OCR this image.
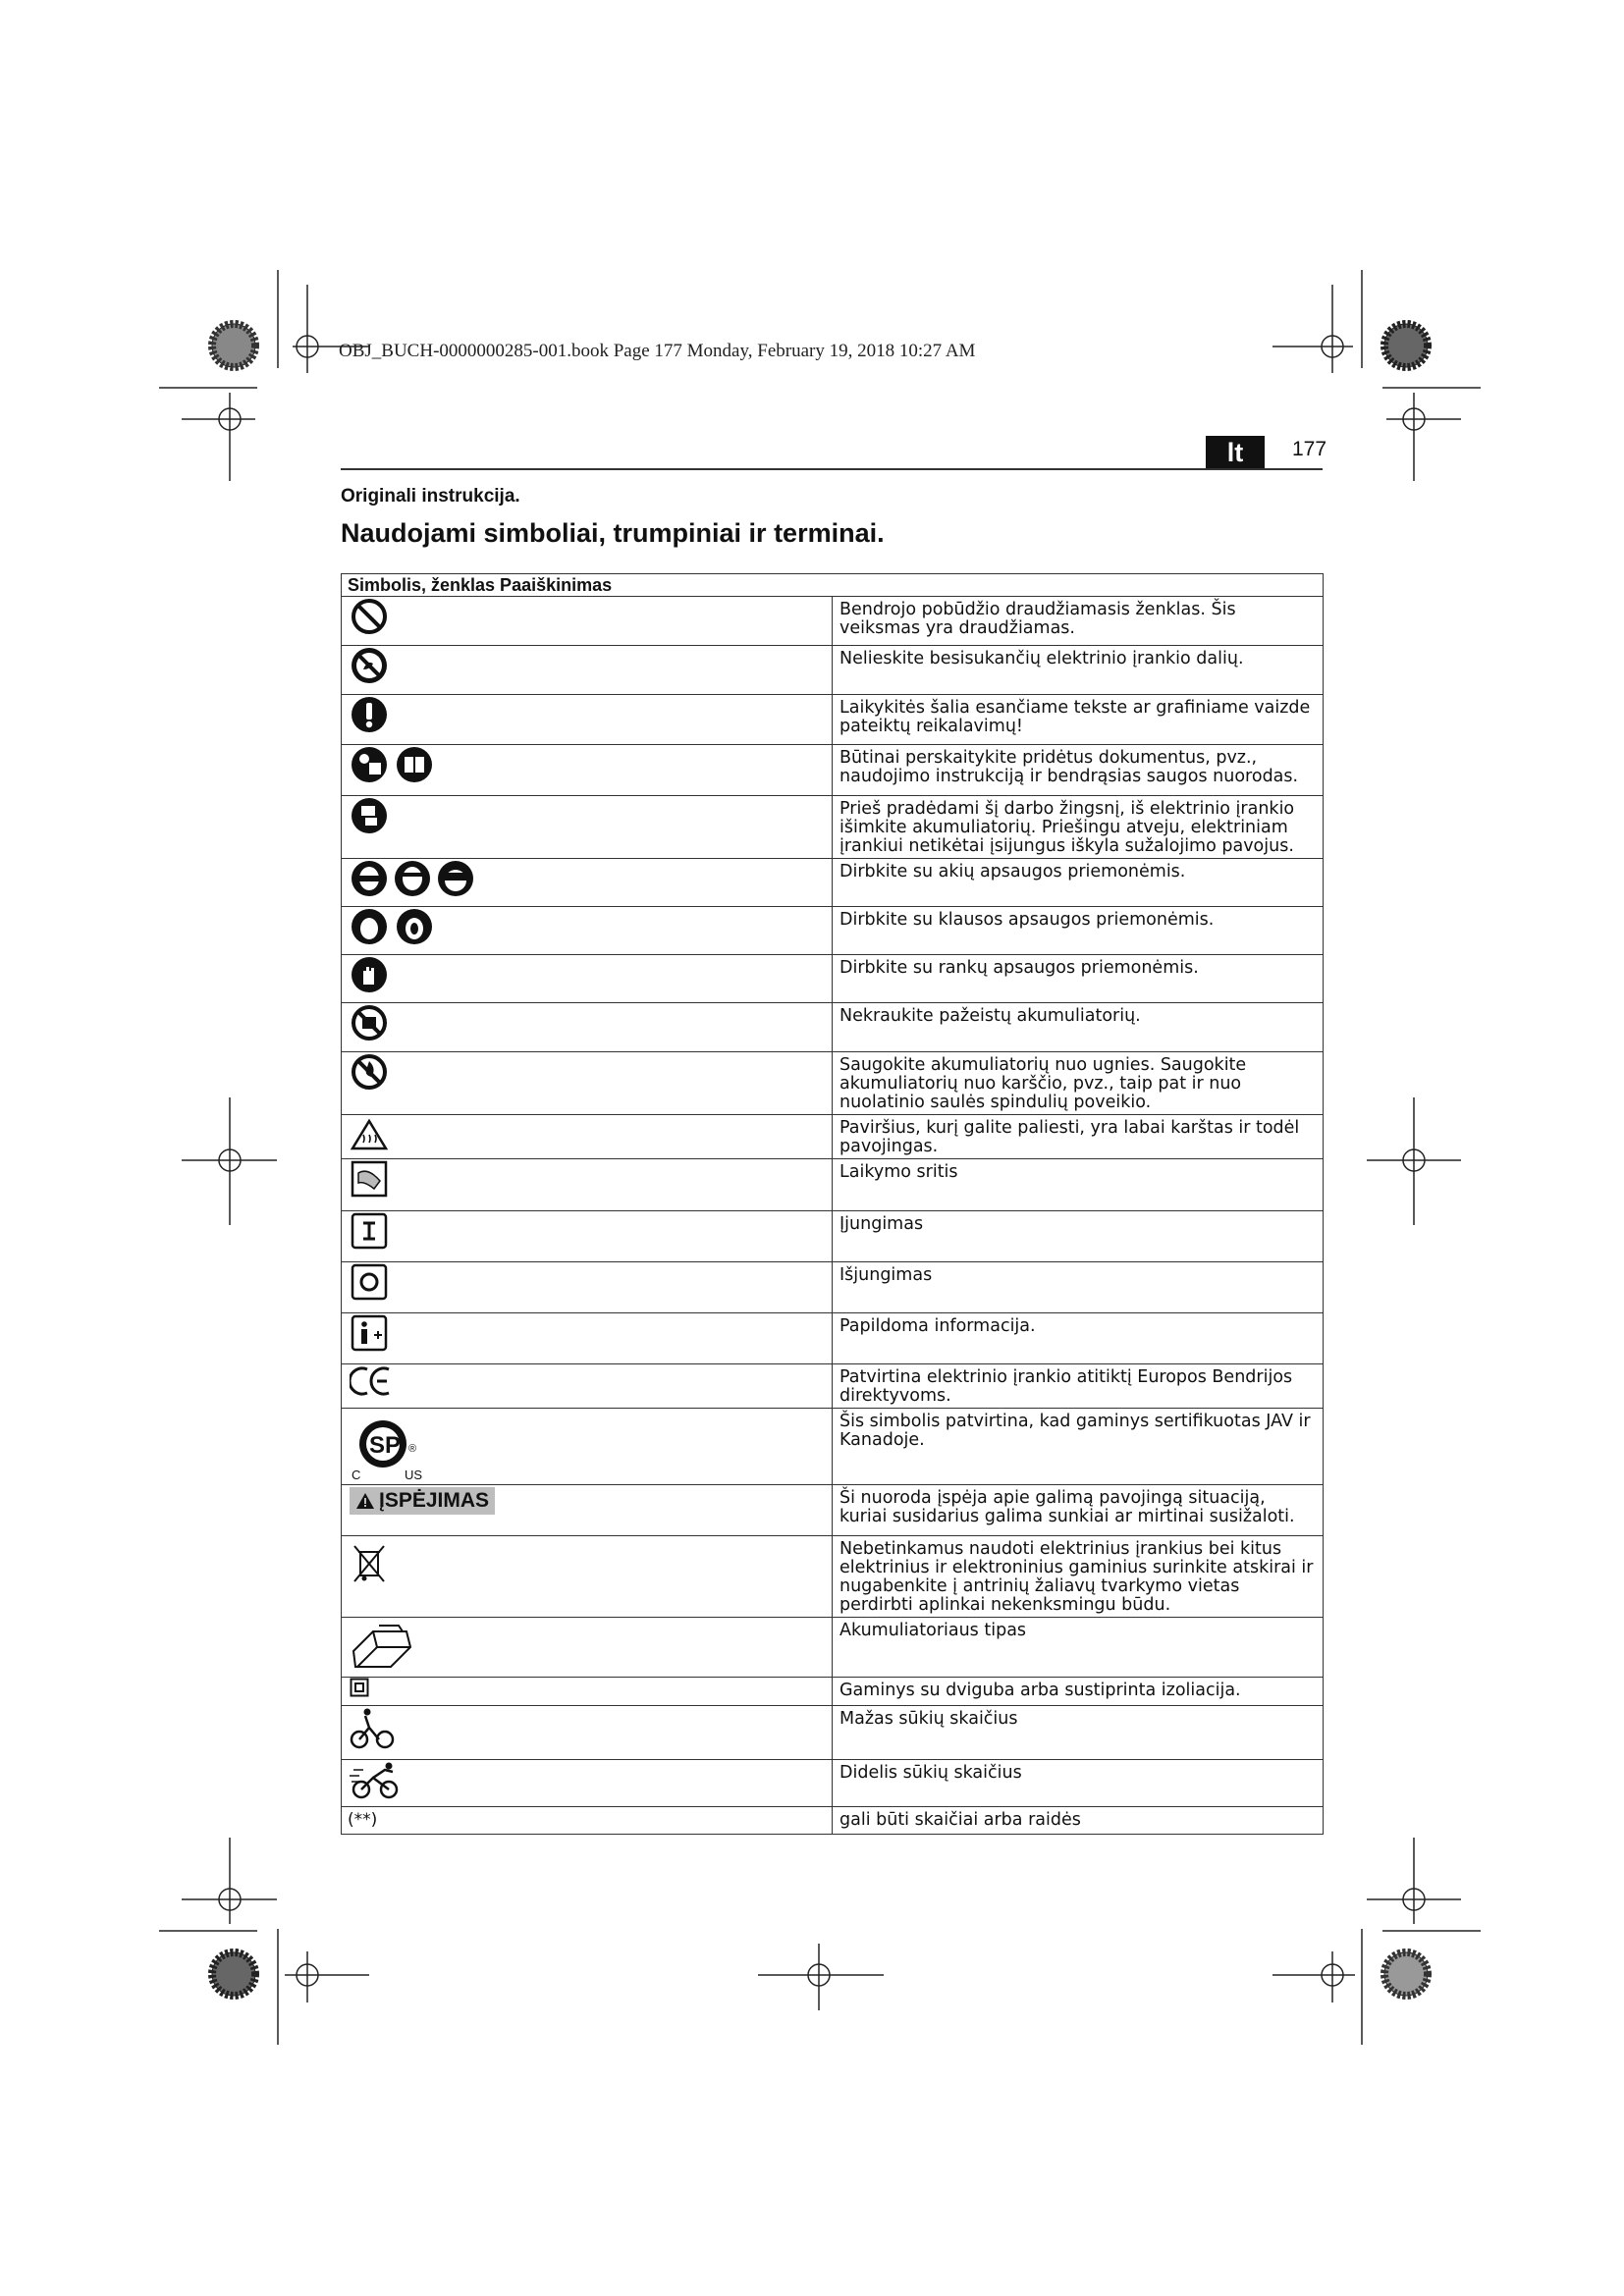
OBJ_BUCH-0000000285-001.book Page 177 Monday, February 19, 2018 10:27 AM
lt	177
Originali instrukcija.
Naudojami simboliai, trumpiniai ir terminai.
Simbolis, ženklas Paaiškinimas	

	Bendrojo pobūdžio draudžiamasis ženklas. Šis veiksmas yra draudžiamas.

	Nelieskite besisukančių elektrinio įrankio dalių.

	Laikykitės šalia esančiame tekste ar grafiniame vaizde pateiktų reikalavimų!

	Būtinai perskaitykite pridėtus dokumentus, pvz., naudojimo instrukciją ir bendrąsias saugos nuorodas.

	Prieš pradėdami šį darbo žingsnį, iš elektrinio įrankio išimkite akumuliatorių. Priešingu atveju, elektriniam įrankiui netikėtai įsijungus iškyla sužalojimo pavojus.

	Dirbkite su akių apsaugos priemonėmis.

	Dirbkite su klausos apsaugos priemonėmis.

	Dirbkite su rankų apsaugos priemonėmis.

	Nekraukite pažeistų akumuliatorių.

	Saugokite akumuliatorių nuo ugnies. Saugokite akumuliatorių nuo karščio, pvz., taip pat ir nuo nuolatinio saulės spindulių poveikio.

	Paviršius, kurį galite paliesti, yra labai karštas ir todėl pavojingas.

	Laikymo sritis

	Įjungimas

	Išjungimas

	Papildoma informacija.

	Patvirtina elektrinio įrankio atitiktį Europos Bendrijos direktyvoms.

SP ®
C US	Šis simbolis patvirtina, kad gaminys sertifikuotas JAV ir Kanadoje.

ĮSPĖJIMAS	Ši nuoroda įspėja apie galimą pavojingą situaciją, kuriai susidarius galima sunkiai ar mirtinai susižaloti.

	Nebetinkamus naudoti elektrinius įrankius bei kitus elektrinius ir elektroninius gaminius surinkite atskirai ir nugabenkite į antrinių žaliavų tvarkymo vietas perdirbti aplinkai nekenksmingu būdu.

	Akumuliatoriaus tipas

	Gaminys su dviguba arba sustiprinta izoliacija.

	Mažas sūkių skaičius

	Didelis sūkių skaičius
(**)	gali būti skaičiai arba raidės
